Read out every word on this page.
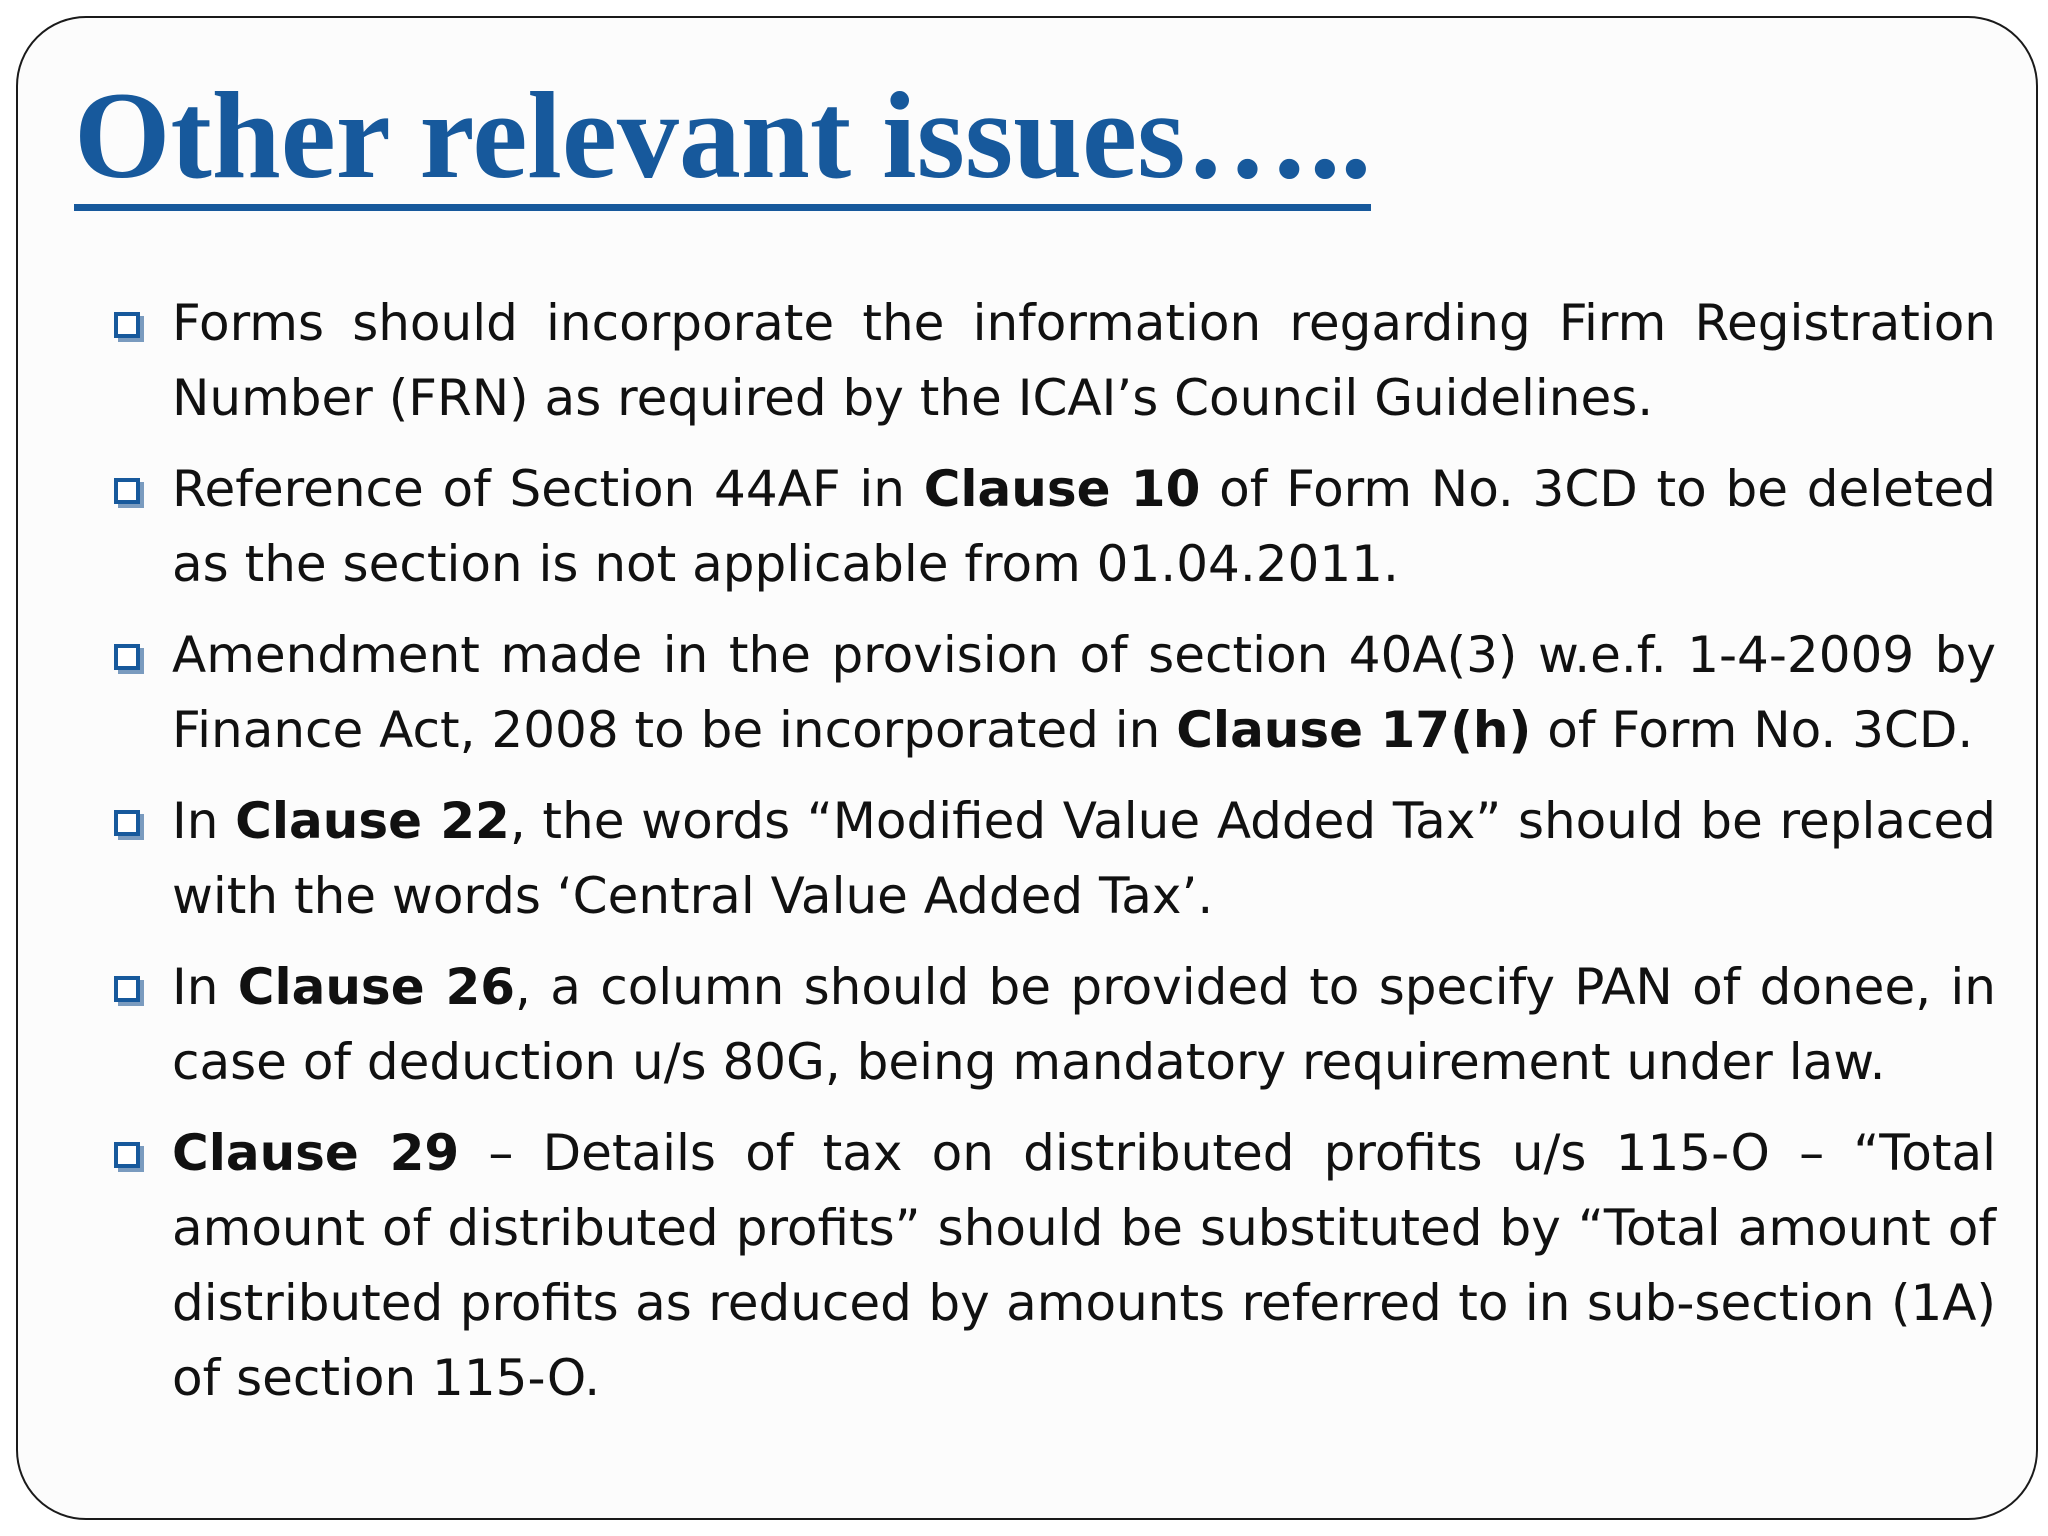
Other relevant issues…..
Forms should incorporate the information regarding Firm Registration Number (FRN) as required by the ICAI’s Council Guidelines.
Reference of Section 44AF in Clause 10 of Form No. 3CD to be deleted as the section is not applicable from 01.04.2011.
Amendment made in the provision of section 40A(3) w.e.f. 1-4-2009 by Finance Act, 2008 to be incorporated in Clause 17(h) of Form No. 3CD.
In Clause 22, the words “Modified Value Added Tax” should be replaced with the words ‘Central Value Added Tax’.
In Clause 26, a column should be provided to specify PAN of donee, in case of deduction u/s 80G, being mandatory requirement under law.
Clause 29 – Details of tax on distributed profits u/s 115-O – “Total amount of distributed profits” should be substituted by “Total amount of distributed profits as reduced by amounts referred to in sub-section (1A) of section 115-O.
